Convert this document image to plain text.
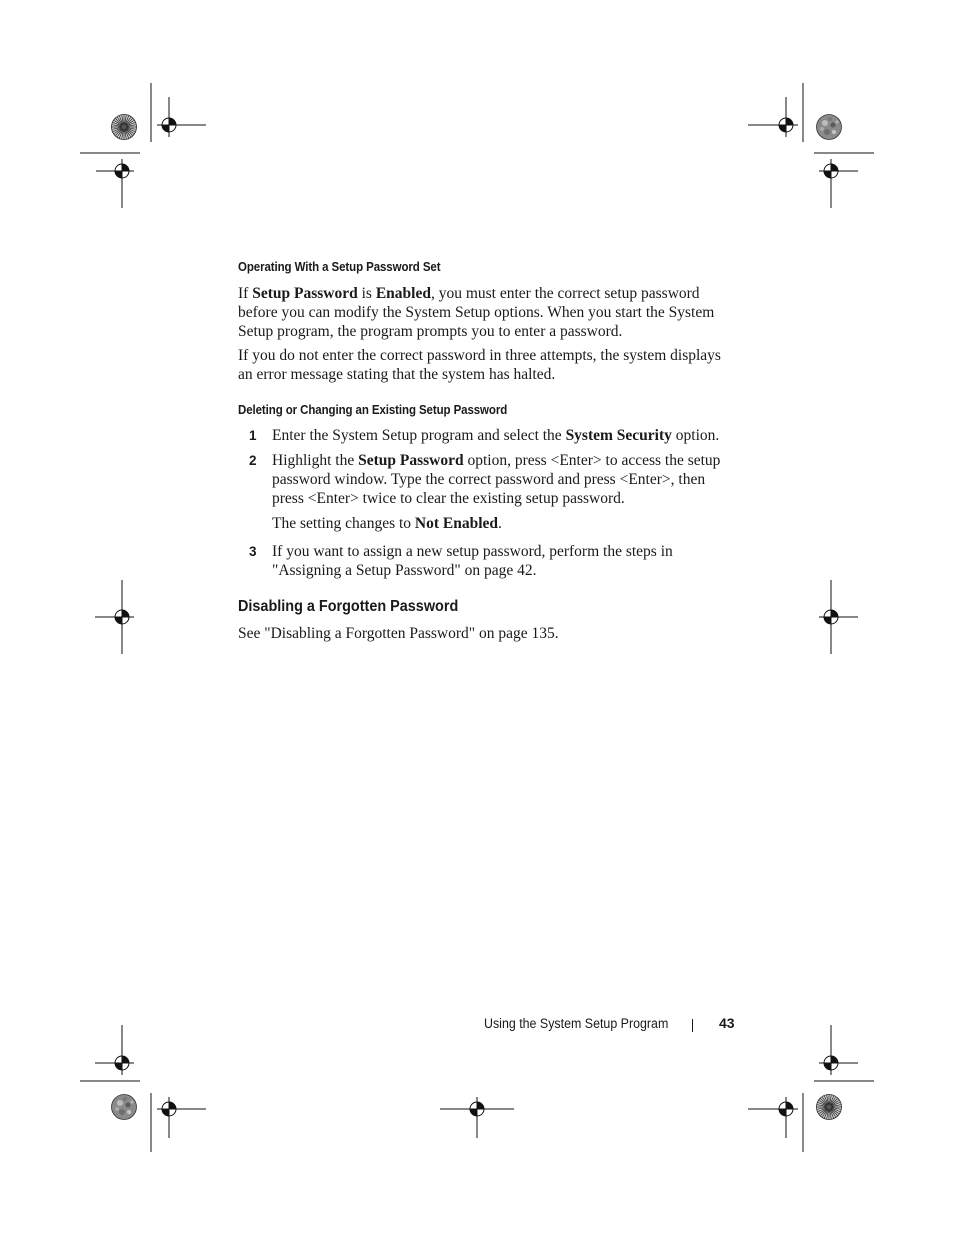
Operating With a Setup Password Set

If Setup Password is Enabled, you must enter the correct setup password before you can modify the System Setup options. When you start the System Setup program, the program prompts you to enter a password.

If you do not enter the correct password in three attempts, the system displays an error message stating that the system has halted.

Deleting or Changing an Existing Setup Password
1 Enter the System Setup program and select the System Security option.

2 Highlight the Setup Password option, press <Enter> to access the setup password window. Type the correct password and press <Enter>, then press <Enter> twice to clear the existing setup password.

The setting changes to Not Enabled.

3 If you want to assign a new setup password, perform the steps in "Assigning a Setup Password" on page 42.

Disabling a Forgotten Password

See "Disabling a Forgotten Password" on page 135.

Using the System Setup Program	43
